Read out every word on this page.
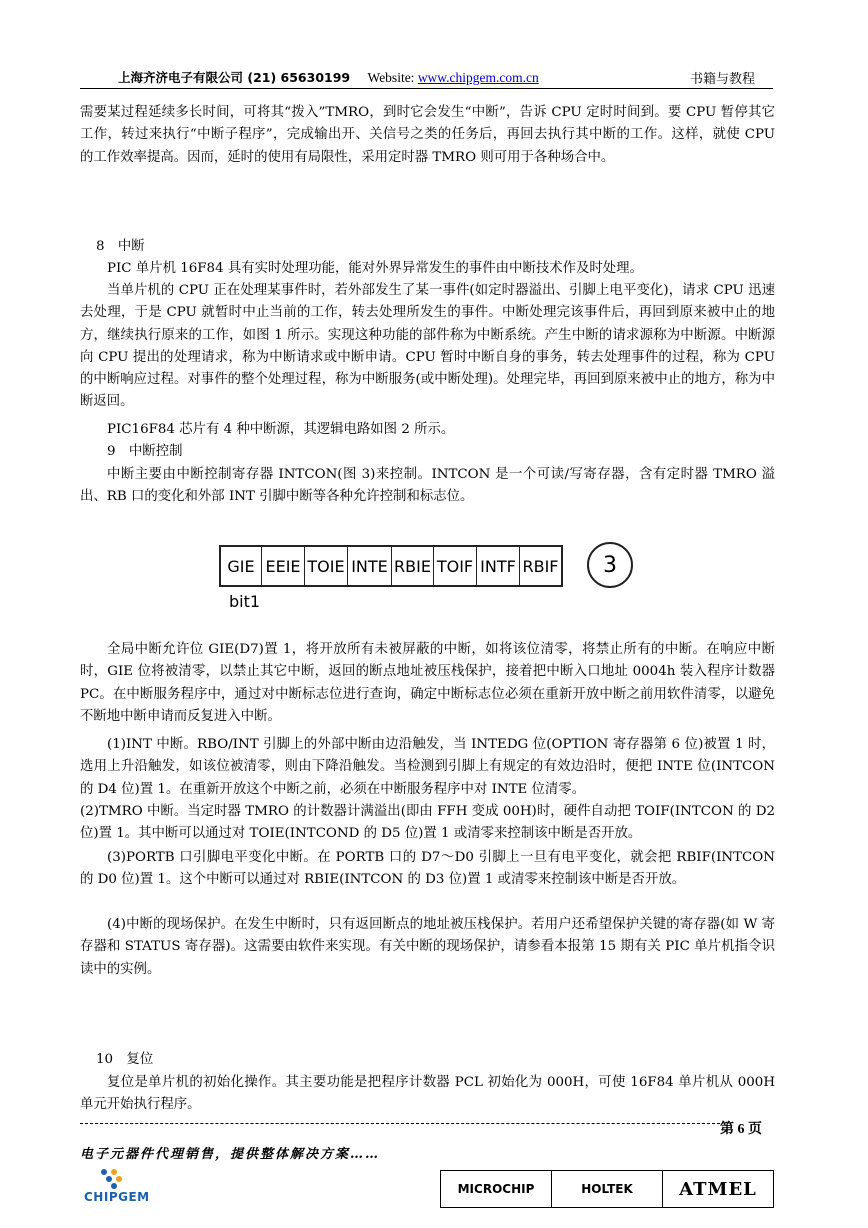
上海齐济电子有限公司 (21) 65630199 Website: www.chipgem.com.cn	书籍与教程

需要某过程延续多长时间，可将其“拨入”TMRO，到时它会发生“中断”，告诉 CPU 定时时间到。要 CPU 暂停其它工作，转过来执行“中断子程序”，完成输出开、关信号之类的任务后，再回去执行其中断的工作。这样，就使 CPU 的工作效率提高。因而，延时的使用有局限性，采用定时器 TMRO 则可用于各种场合中。

8　中断

PIC 单片机 16F84 具有实时处理功能，能对外界异常发生的事件由中断技术作及时处理。

当单片机的 CPU 正在处理某事件时，若外部发生了某一事件(如定时器溢出、引脚上电平变化)，请求 CPU 迅速去处理，于是 CPU 就暂时中止当前的工作，转去处理所发生的事件。中断处理完该事件后，再回到原来被中止的地方，继续执行原来的工作，如图 1 所示。实现这种功能的部件称为中断系统。产生中断的请求源称为中断源。中断源向 CPU 提出的处理请求，称为中断请求或中断申请。CPU 暂时中断自身的事务，转去处理事件的过程，称为 CPU 的中断响应过程。对事件的整个处理过程，称为中断服务(或中断处理)。处理完毕，再回到原来被中止的地方，称为中断返回。

PIC16F84 芯片有 4 种中断源，其逻辑电路如图 2 所示。

9　中断控制

中断主要由中断控制寄存器 INTCON(图 3)来控制。INTCON 是一个可读/写寄存器，含有定时器 TMRO 溢出、RB 口的变化和外部 INT 引脚中断等各种允许控制和标志位。

GIE EEIE TOIE INTE RBIE TOIF INTF RBIF	3
bit1

全局中断允许位 GIE(D7)置 1，将开放所有未被屏蔽的中断，如将该位清零，将禁止所有的中断。在响应中断时，GIE 位将被清零，以禁止其它中断，返回的断点地址被压栈保护，接着把中断入口地址 0004h 装入程序计数器 PC。在中断服务程序中，通过对中断标志位进行查询，确定中断标志位必须在重新开放中断之前用软件清零，以避免不断地中断申请而反复进入中断。

(1)INT 中断。RBO/INT 引脚上的外部中断由边沿触发，当 INTEDG 位(OPTION 寄存器第 6 位)被置 1 时，选用上升沿触发，如该位被清零，则由下降沿触发。当检测到引脚上有规定的有效边沿时，便把 INTE 位(INTCON 的 D4 位)置 1。在重新开放这个中断之前，必须在中断服务程序中对 INTE 位清零。

(2)TMRO 中断。当定时器 TMRO 的计数器计满溢出(即由 FFH 变成 00H)时，硬件自动把 TOIF(INTCON 的 D2 位)置 1。其中断可以通过对 TOIE(INTCOND 的 D5 位)置 1 或清零来控制该中断是否开放。

(3)PORTB 口引脚电平变化中断。在 PORTB 口的 D7～D0 引脚上一旦有电平变化，就会把 RBIF(INTCON 的 D0 位)置 1。这个中断可以通过对 RBIE(INTCON 的 D3 位)置 1 或清零来控制该中断是否开放。

(4)中断的现场保护。在发生中断时，只有返回断点的地址被压栈保护。若用户还希望保护关键的寄存器(如 W 寄存器和 STATUS 寄存器)。这需要由软件来实现。有关中断的现场保护，请参看本报第 15 期有关 PIC 单片机指令识读中的实例。

10　复位

复位是单片机的初始化操作。其主要功能是把程序计数器 PCL 初始化为 000H，可使 16F84 单片机从 000H 单元开始执行程序。

第 6 页
电子元器件代理销售，提供整体解决方案……
CHIPGEM
MICROCHIP	HOLTEK	ATMEL
